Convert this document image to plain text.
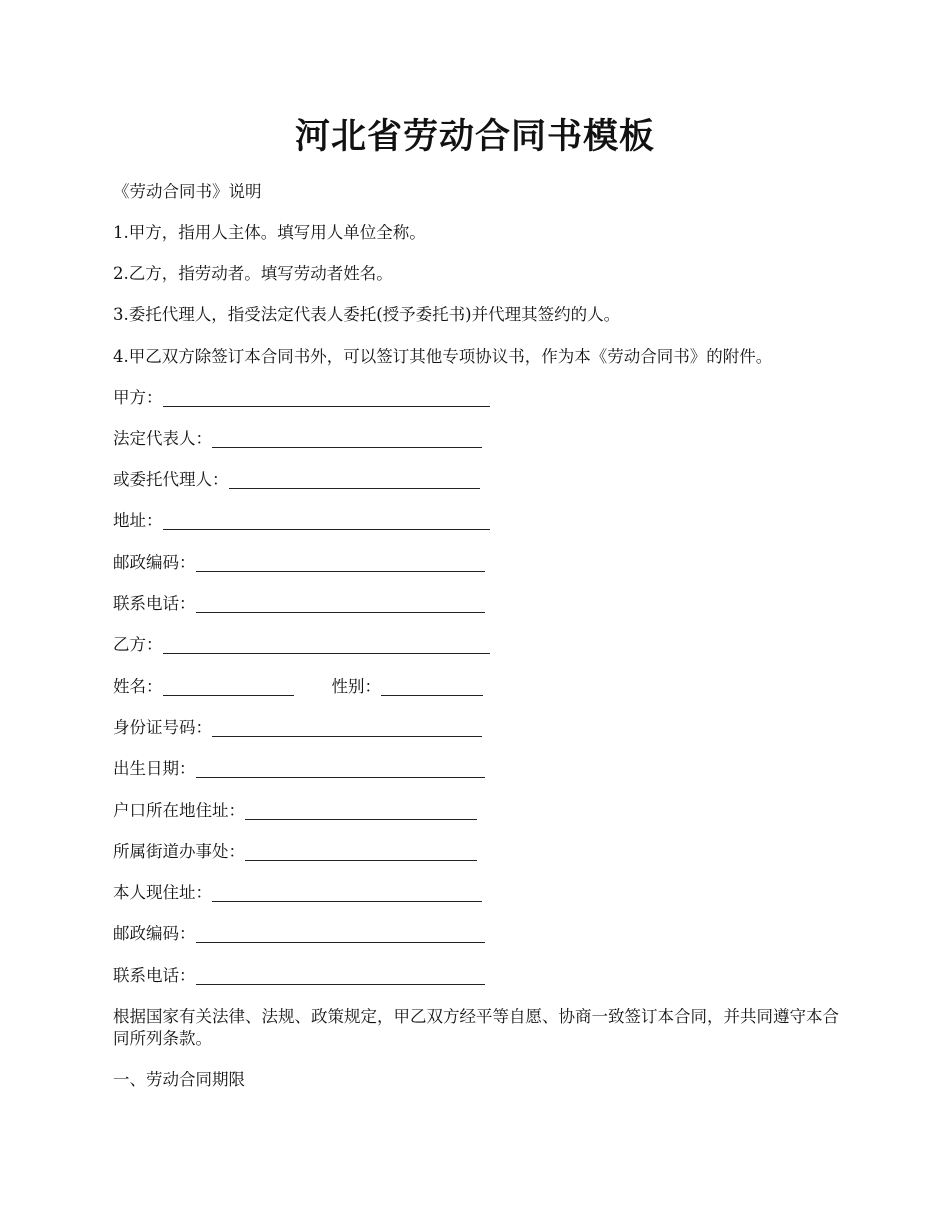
河北省劳动合同书模板
《劳动合同书》说明
1.甲方，指用人主体。填写用人单位全称。
2.乙方，指劳动者。填写劳动者姓名。
3.委托代理人，指受法定代表人委托(授予委托书)并代理其签约的人。
4.甲乙双方除签订本合同书外，可以签订其他专项协议书，作为本《劳动合同书》的附件。
甲方：
法定代表人：
或委托代理人：
地址：
邮政编码：
联系电话：
乙方：
姓名：	性别：
身份证号码：
出生日期：
户口所在地住址：
所属街道办事处：
本人现住址：
邮政编码：
联系电话：
根据国家有关法律、法规、政策规定，甲乙双方经平等自愿、协商一致签订本合同，并共同遵守本合同所列条款。
一、劳动合同期限
